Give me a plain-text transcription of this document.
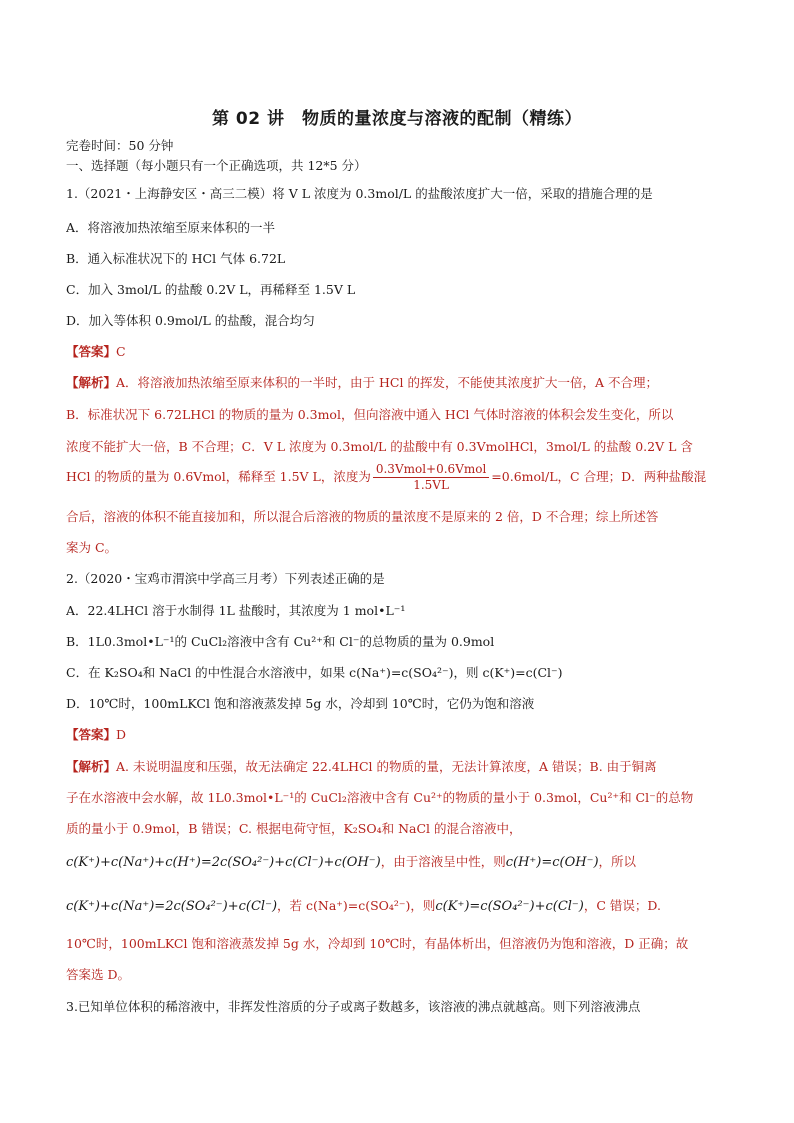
第 02 讲　物质的量浓度与溶液的配制（精练）
完卷时间：50 分钟
一、选择题（每小题只有一个正确选项，共 12*5 分）
1.（2021・上海静安区・高三二模）将 V L 浓度为 0.3mol/L 的盐酸浓度扩大一倍，采取的措施合理的是
A．将溶液加热浓缩至原来体积的一半
B．通入标准状况下的 HCl 气体 6.72L
C．加入 3mol/L 的盐酸 0.2V L，再稀释至 1.5V L
D．加入等体积 0.9mol/L 的盐酸，混合均匀
【答案】C
【解析】A．将溶液加热浓缩至原来体积的一半时，由于 HCl 的挥发，不能使其浓度扩大一倍，A 不合理；
B．标准状况下 6.72LHCl 的物质的量为 0.3mol，但向溶液中通入 HCl 气体时溶液的体积会发生变化，所以
浓度不能扩大一倍，B 不合理；C．V L 浓度为 0.3mol/L 的盐酸中有 0.3VmolHCl，3mol/L 的盐酸 0.2V L 含
HCl 的物质的量为 0.6Vmol，稀释至 1.5V L，浓度为 $\frac{\text{0.3Vmol+0.6Vmol}}{1.5VL} =0.6mol/L$，C 合理；D．两种盐酸混
合后，溶液的体积不能直接加和，所以混合后溶液的物质的量浓度不是原来的 2 倍，D 不合理；综上所述答
案为 C。
2.（2020・宝鸡市渭滨中学高三月考）下列表述正确的是
A．22.4LHCl 溶于水制得 1L 盐酸时，其浓度为 1 mol•L⁻¹
B．1L0.3mol•L⁻¹的 CuCl₂溶液中含有 Cu²⁺和 Cl⁻的总物质的量为 0.9mol
C．在 K₂SO₄和 NaCl 的中性混合水溶液中，如果 c(Na⁺)=c(SO₄²⁻)，则 c(K⁺)=c(Cl⁻)
D．10℃时，100mLKCl 饱和溶液蒸发掉 5g 水，冷却到 10℃时，它仍为饱和溶液
【答案】D
【解析】A. 未说明温度和压强，故无法确定 22.4LHCl 的物质的量，无法计算浓度，A 错误；B. 由于铜离
子在水溶液中会水解，故 1L0.3mol•L⁻¹的 CuCl₂溶液中含有 Cu²⁺的物质的量小于 0.3mol，Cu²⁺和 Cl⁻的总物
质的量小于 0.9mol，B 错误；C. 根据电荷守恒，K₂SO₄和 NaCl 的混合溶液中，
c(K⁺)+c(Na⁺)+c(H⁺)=2c(SO₄²⁻)+c(Cl⁻)+c(OH⁻)，由于溶液呈中性，则c(H⁺)=c(OH⁻)，所以
c(K⁺)+c(Na⁺)=2c(SO₄²⁻)+c(Cl⁻)，若 c(Na⁺)=c(SO₄²⁻)，则c(K⁺)=c(SO₄²⁻)+c(Cl⁻)，C 错误；D.
10℃时，100mLKCl 饱和溶液蒸发掉 5g 水，冷却到 10℃时，有晶体析出，但溶液仍为饱和溶液，D 正确；故
答案选 D。
3.已知单位体积的稀溶液中，非挥发性溶质的分子或离子数越多，该溶液的沸点就越高。则下列溶液沸点
